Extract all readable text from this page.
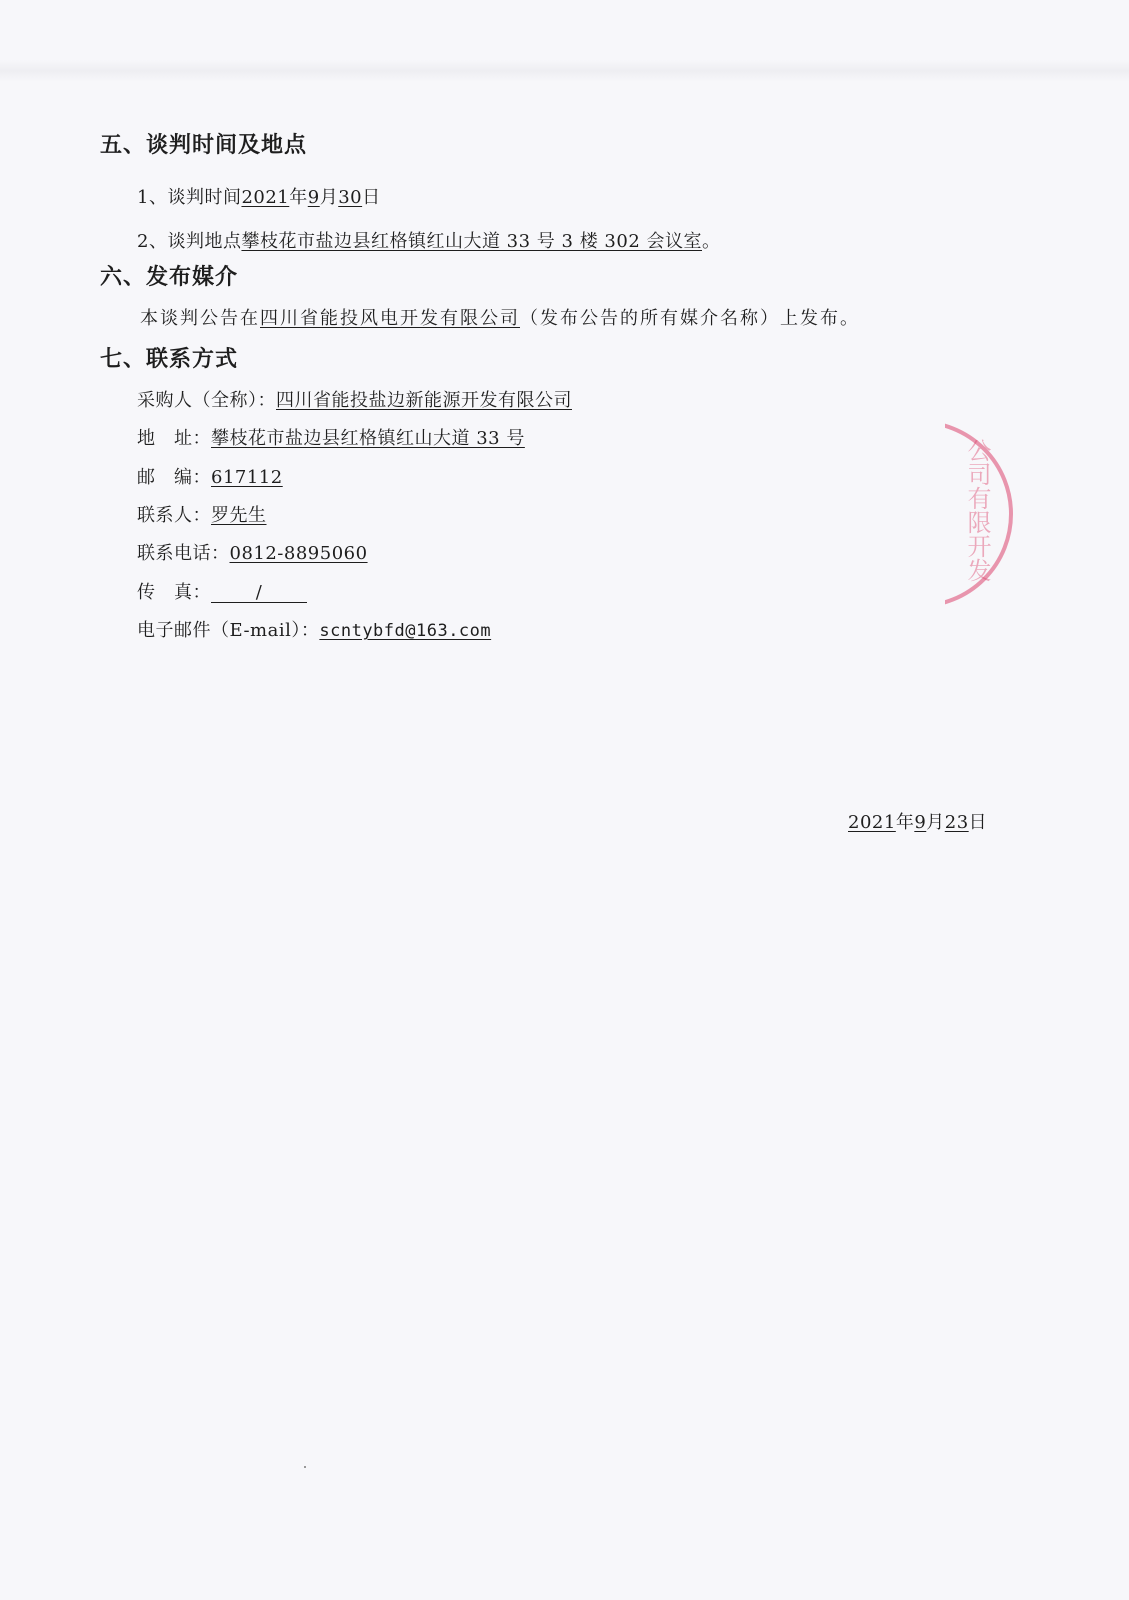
五、谈判时间及地点
1、谈判时间2021年9月30日
2、谈判地点攀枝花市盐边县红格镇红山大道 33 号 3 楼 302 会议室。
六、发布媒介
本谈判公告在四川省能投风电开发有限公司（发布公告的所有媒介名称）上发布。
七、联系方式
采购人（全称）：四川省能投盐边新能源开发有限公司
地　址：攀枝花市盐边县红格镇红山大道 33 号
邮　编：617112
联系人：罗先生
联系电话：0812-8895060
传　真： /
电子邮件（E-mail）：scntybfd@163.com
2021年9月23日
公司有限开发
